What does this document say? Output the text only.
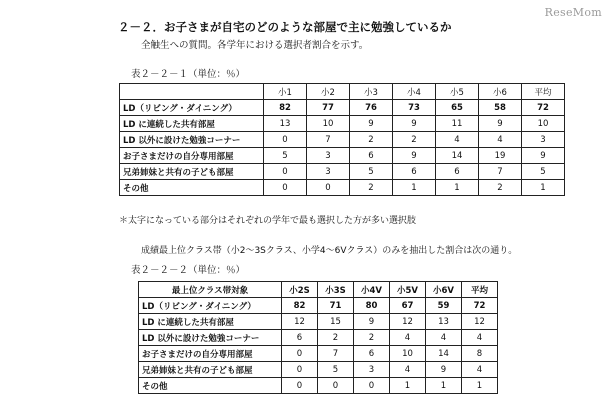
ReseMom
２－２．お子さまが自宅のどのような部屋で主に勉強しているか
全触生への質問。各学年における選択者割合を示す。
表２－２－１（単位：％）
	小1	小2	小3	小4	小5	小6	平均
LD（リビング・ダイニング）	82	77	76	73	65	58	72
LD に連続した共有部屋	13	10	9	9	11	9	10
LD 以外に設けた勉強コーナー	0	7	2	2	4	4	3
お子さまだけの自分専用部屋	5	3	6	9	14	19	9
兄弟姉妹と共有の子ども部屋	0	3	5	6	6	7	5
その他	0	0	2	1	1	2	1
＊太字になっている部分はそれぞれの学年で最も選択した方が多い選択肢
成績最上位クラス帯（小2～3Sクラス、小学4～6Vクラス）のみを抽出した割合は次の通り。
表２－２－２（単位：％）
最上位クラス帯対象	小2S	小3S	小4V	小5V	小6V	平均
LD（リビング・ダイニング）	82	71	80	67	59	72
LD に連続した共有部屋	12	15	9	12	13	12
LD 以外に設けた勉強コーナー	6	2	2	4	4	4
お子さまだけの自分専用部屋	0	7	6	10	14	8
兄弟姉妹と共有の子ども部屋	0	5	3	4	9	4
その他	0	0	0	1	1	1
